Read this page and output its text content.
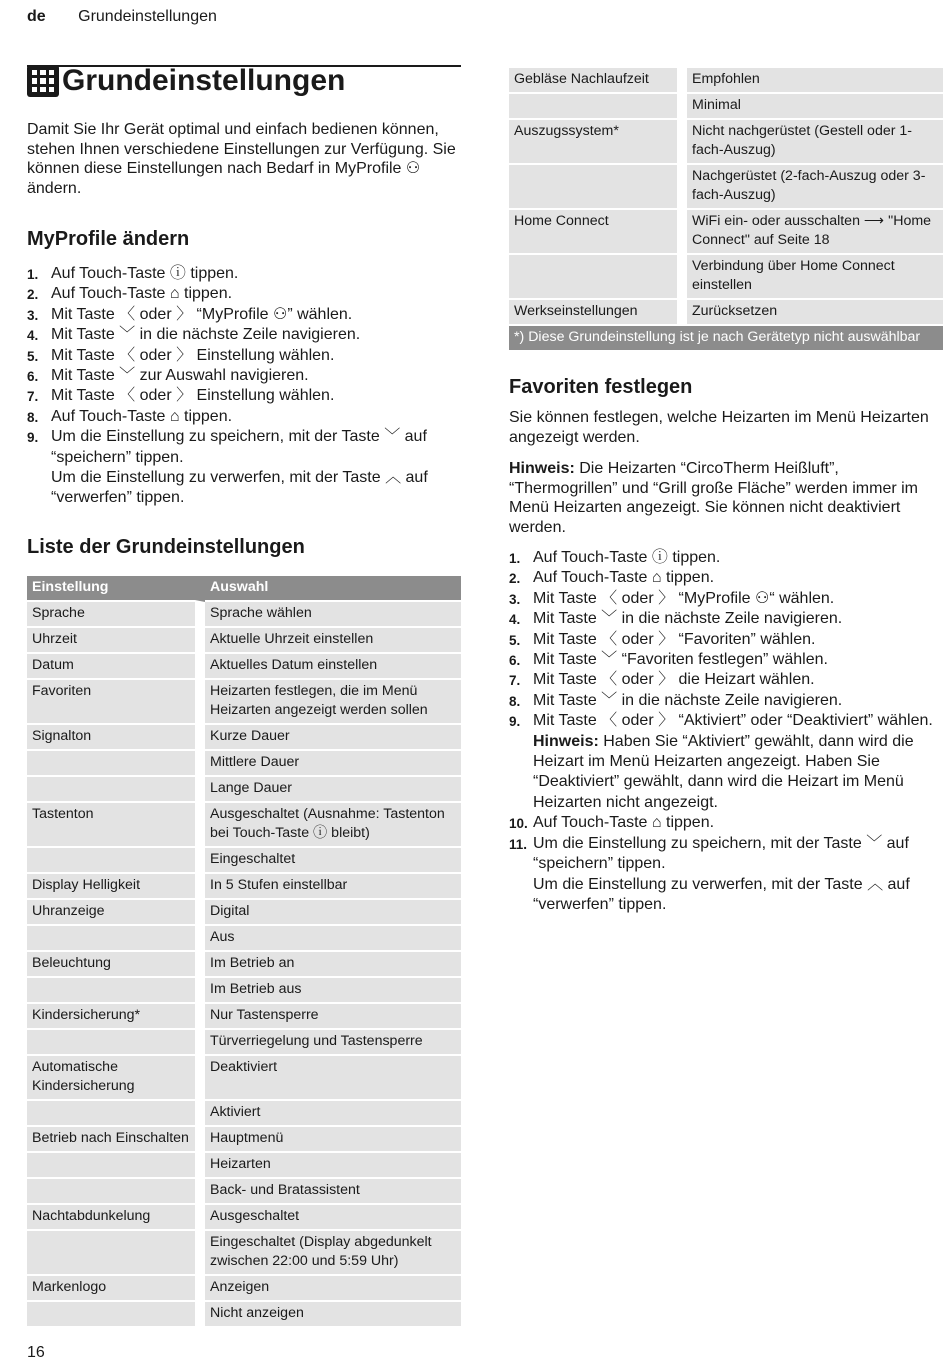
de Grundeinstellungen
Grundeinstellungen

Damit Sie Ihr Gerät optimal und einfach bedienen können, stehen Ihnen verschiedene Einstellungen zur Verfügung. Sie können diese Einstellungen nach Bedarf in MyProfile ⚇ ändern.

MyProfile ändern
1. Auf Touch-Taste ⓘ tippen.
2. Auf Touch-Taste ⌂ tippen.
3. Mit Taste 〈 oder 〉 “MyProfile ⚇” wählen.
4. Mit Taste ﹀ in die nächste Zeile navigieren.
5. Mit Taste 〈 oder 〉 Einstellung wählen.
6. Mit Taste ﹀ zur Auswahl navigieren.
7. Mit Taste 〈 oder 〉 Einstellung wählen.
8. Auf Touch-Taste ⌂ tippen.
9. Um die Einstellung zu speichern, mit der Taste ﹀ auf “speichern” tippen.
Um die Einstellung zu verwerfen, mit der Taste ︿ auf “verwerfen” tippen.
Liste der Grundeinstellungen
Einstellung	Auswahl
Sprache	Sprache wählen
Uhrzeit	Aktuelle Uhrzeit einstellen
Datum	Aktuelles Datum einstellen
Favoriten	Heizarten festlegen, die im Menü Heizarten angezeigt werden sollen
Signalton	Kurze Dauer
	Mittlere Dauer
	Lange Dauer
Tastenton	Ausgeschaltet (Ausnahme: Tastenton bei Touch-Taste ⓘ bleibt)
	Eingeschaltet
Display Helligkeit	In 5 Stufen einstellbar
Uhranzeige	Digital
	Aus
Beleuchtung	Im Betrieb an
	Im Betrieb aus
Kindersicherung*	Nur Tastensperre
	Türverriegelung und Tastensperre
Automatische Kindersicherung	Deaktiviert
	Aktiviert
Betrieb nach Einschalten	Hauptmenü
	Heizarten
	Back- und Bratassistent
Nachtabdunkelung	Ausgeschaltet
	Eingeschaltet (Display abgedunkelt zwischen 22:00 und 5:59 Uhr)
Markenlogo	Anzeigen
	Nicht anzeigen
Gebläse Nachlaufzeit	Empfohlen
	Minimal
Auszugssystem*	Nicht nachgerüstet (Gestell oder 1-fach-Auszug)
	Nachgerüstet (2-fach-Auszug oder 3-fach-Auszug)
Home Connect	WiFi ein- oder ausschalten ⟶ "Home Connect" auf Seite 18
	Verbindung über Home Connect einstellen
Werkseinstellungen	Zurücksetzen
*) Diese Grundeinstellung ist je nach Gerätetyp nicht auswählbar	
Favoriten festlegen

Sie können festlegen, welche Heizarten im Menü Heizarten angezeigt werden.

Hinweis: Die Heizarten “CircoTherm Heißluft”, “Thermogrillen” und “Grill große Fläche” werden immer im Menü Heizarten angezeigt. Sie können nicht deaktiviert werden.

1. Auf Touch-Taste ⓘ tippen.
2. Auf Touch-Taste ⌂ tippen.
3. Mit Taste 〈 oder 〉 “MyProfile ⚇“ wählen.
4. Mit Taste ﹀ in die nächste Zeile navigieren.
5. Mit Taste 〈 oder 〉 “Favoriten” wählen.
6. Mit Taste ﹀ “Favoriten festlegen” wählen.
7. Mit Taste 〈 oder 〉 die Heizart wählen.
8. Mit Taste ﹀ in die nächste Zeile navigieren.
9. Mit Taste 〈 oder 〉 “Aktiviert” oder “Deaktiviert” wählen.
Hinweis: Haben Sie “Aktiviert” gewählt, dann wird die Heizart im Menü Heizarten angezeigt. Haben Sie “Deaktiviert” gewählt, dann wird die Heizart im Menü Heizarten nicht angezeigt.
10. Auf Touch-Taste ⌂ tippen.
11. Um die Einstellung zu speichern, mit der Taste ﹀ auf “speichern” tippen.
Um die Einstellung zu verwerfen, mit der Taste ︿ auf “verwerfen” tippen.
16
